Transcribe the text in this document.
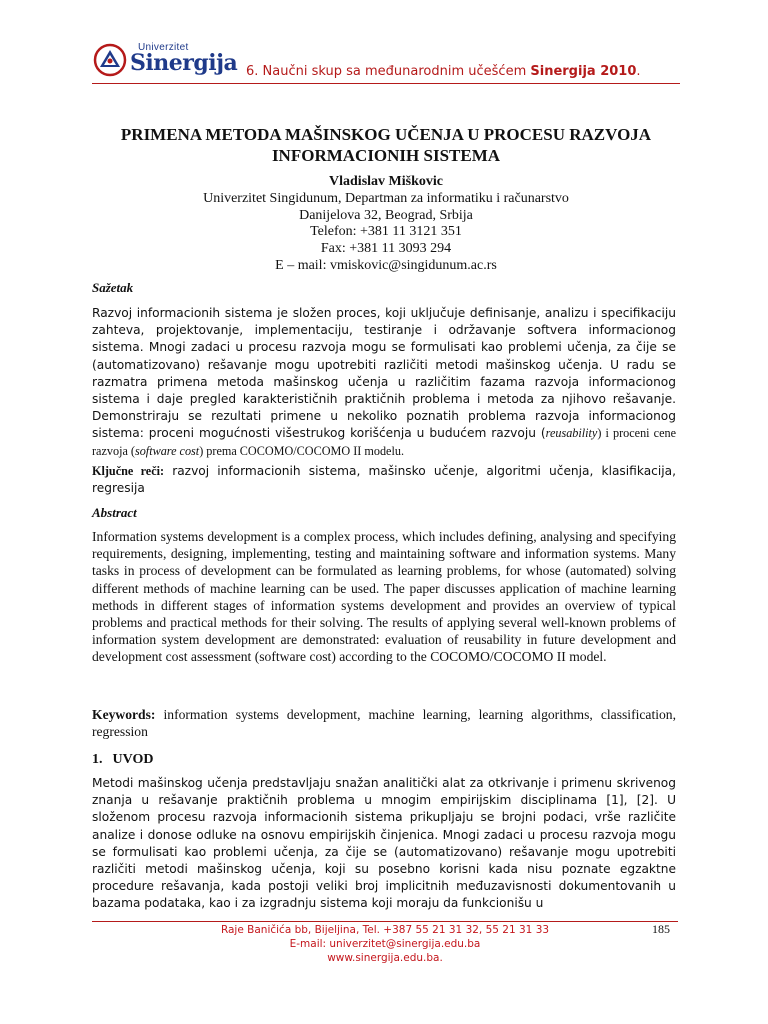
Univerzitet
Sinergija 6. Naučni skup sa međunarodnim učešćem Sinergija 2010.
PRIMENA METODA MAŠINSKOG UČENJA U PROCESU RAZVOJA
INFORMACIONIH SISTEMA
Vladislav Miškovic
Univerzitet Singidunum, Departman za informatiku i računarstvo
Danijelova 32, Beograd, Srbija
Telefon: +381 11 3121 351
Fax: +381 11 3093 294
E – mail: vmiskovic@singidunum.ac.rs
Sažetak
Razvoj informacionih sistema je složen proces, koji uključuje definisanje, analizu i specifikaciju zahteva, projektovanje, implementaciju, testiranje i održavanje softvera informacionog sistema. Mnogi zadaci u procesu razvoja mogu se formulisati kao problemi učenja, za čije se (automatizovano) rešavanje mogu upotrebiti različiti metodi mašinskog učenja. U radu se razmatra primena metoda mašinskog učenja u različitim fazama razvoja informacionog sistema i daje pregled karakterističnih praktičnih problema i metoda za njihovo rešavanje. Demonstriraju se rezultati primene u nekoliko poznatih problema razvoja informacionog sistema: proceni mogućnosti višestrukog korišćenja u budućem razvoju (reusability) i proceni cene razvoja (software cost) prema COCOMO/COCOMO II modelu.
Ključne reči: razvoj informacionih sistema, mašinsko učenje, algoritmi učenja, klasifikacija, regresija
Abstract
Information systems development is a complex process, which includes defining, analysing and specifying requirements, designing, implementing, testing and maintaining software and information systems. Many tasks in process of development can be formulated as learning problems, for whose (automated) solving different methods of machine learning can be used. The paper discusses application of machine learning methods in different stages of information systems development and provides an overview of typical problems and practical methods for their solving. The results of applying several well-known problems of information system development are demonstrated: evaluation of reusability in future development and development cost assessment (software cost) according to the COCOMO/COCOMO II model.
Keywords: information systems development, machine learning, learning algorithms, classification, regression
1. UVOD
Metodi mašinskog učenja predstavljaju snažan analitički alat za otkrivanje i primenu skrivenog znanja u rešavanje praktičnih problema u mnogim empirijskim disciplinama [1], [2]. U složenom procesu razvoja informacionih sistema prikupljaju se brojni podaci, vrše različite analize i donose odluke na osnovu empirijskih činjenica. Mnogi zadaci u procesu razvoja mogu se formulisati kao problemi učenja, za čije se (automatizovano) rešavanje mogu upotrebiti različiti metodi mašinskog učenja, koji su posebno korisni kada nisu poznate egzaktne procedure rešavanja, kada postoji veliki broj implicitnih međuzavisnosti dokumentovanih u bazama podataka, kao i za izgradnju sistema koji moraju da funkcionišu u
Raje Baničića bb, Bijeljina, Tel. +387 55 21 31 32, 55 21 31 33
E-mail: univerzitet@sinergija.edu.ba
www.sinergija.edu.ba.
185
